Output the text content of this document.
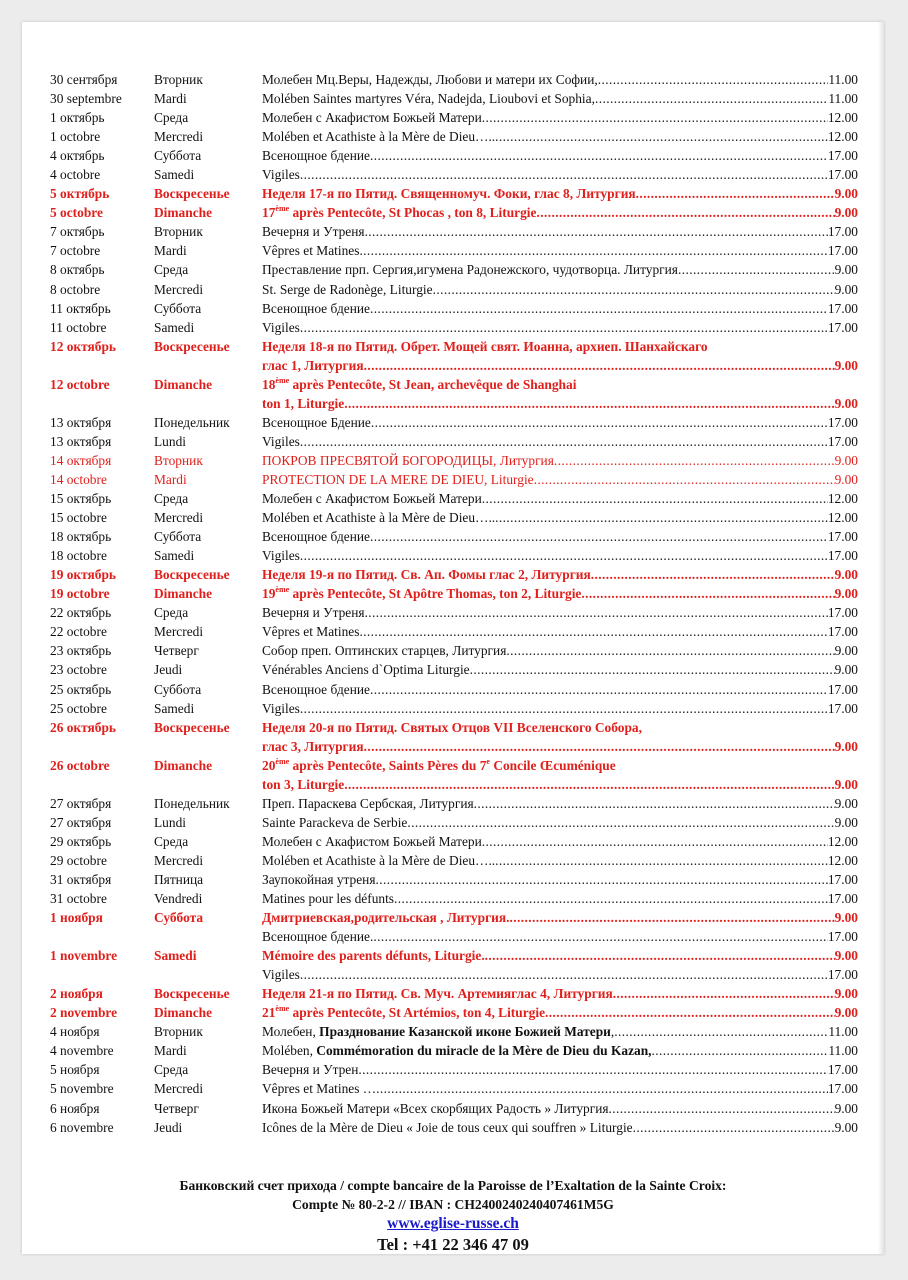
30 сентября	Вторник	Молебен Мц.Веры, Надежды, Любови и матери их Софии, .....	11.00
30 septembre	Mardi	Molében Saintes martyres Véra, Nadejda, Lioubovi et Sophia, .....	11.00
1 октябрь	Среда	Молебен с Акафистом Божьей Матери .....	12.00
1 octobre	Mercredi	Molében et Acathiste à la Mère de Dieu….. .....	12.00
4 октябрь	Суббота	Всенощное бдение .....	17.00
4 octobre	Samedi	Vigiles .....	17.00
5 октябрь	Воскресенье	Неделя 17-я по Пятид. Священномуч. Фоки, глас 8, Литургия .....	9.00
5 octobre	Dimanche	17ème après Pentecôte, St Phocas , ton 8, Liturgie .....	9.00
7 октябрь	Вторник	Вечерня и Утреня .....	17.00
7 octobre	Mardi	Vêpres et Matines .....	17.00
8 октябрь	Среда	Преставление прп. Сергия,игумена Радонежского, чудотворца. Литургия .....	9.00
8 octobre	Mercredi	St. Serge de Radonège, Liturgie .....	9.00
11 октябрь	Суббота	Всенощное бдение .....	17.00
11 octobre	Samedi	Vigiles .....	17.00
12 октябрь	Воскресенье	Неделя 18-я по Пятид. Обрет. Мощей свят. Иоанна, архиеп. Шанхайскаго
глас 1, Литургия .....	9.00
12 octobre	Dimanche	18ème après Pentecôte, St Jean, archevêque de Shanghai
ton 1, Liturgie .....	9.00
13 октября	Понедельник	Всенощное Бдение .....	17.00
13 октября	Lundi	Vigiles .....	17.00
14 октября	Вторник	ПОКРОВ ПРЕСВЯТОЙ БОГОРОДИЦЫ, Литургия .....	9.00
14 octobre	Mardi	PROTECTION DE LA MERE DE DIEU, Liturgie .....	9.00
15 октябрь	Среда	Молебен с Акафистом Божьей Матери .....	12.00
15 octobre	Mercredi	Molében et Acathiste à la Mère de Dieu….. .....	12.00
18 октябрь	Суббота	Всенощное бдение .....	17.00
18 octobre	Samedi	Vigiles .....	17.00
19 октябрь	Воскресенье	Неделя 19-я по Пятид. Св. Ап. Фомы глас 2, Литургия .....	9.00
19 octobre	Dimanche	19ème après Pentecôte, St Apôtre Thomas, ton 2, Liturgie .....	9.00
22 октябрь	Среда	Вечерня и Утреня .....	17.00
22 octobre	Mercredi	Vêpres et Matines .....	17.00
23 октябрь	Четверг	Собор преп. Оптинских старцев, Литургия .....	9.00
23 octobre	Jeudi	Vénérables Anciens d`Optima Liturgie .....	9.00
25 октябрь	Суббота	Всенощное бдение .....	17.00
25 octobre	Samedi	Vigiles .....	17.00
26 октябрь	Воскресенье	Неделя 20-я по Пятид. Святых Отцов VII Вселенского Собора,
глас 3, Литургия .....	9.00
26 octobre	Dimanche	20ème après Pentecôte, Saints Pères du 7e Concile Œcuménique
ton 3, Liturgie .....	9.00
27 октября	Понедельник	Преп. Параскева Сербская, Литургия .....	9.00
27 октября	Lundi	Sainte Parackeva de Serbie .....	9.00
29 октябрь	Среда	Молебен с Акафистом Божьей Матери .....	12.00
29 octobre	Mercredi	Molében et Acathiste à la Mère de Dieu….. .....	12.00
31 октября	Пятница	Заупокойная утреня .....	17.00
31 octobre	Vendredi	Matines pour les défunts .....	17.00
1 ноября	Суббота	Дмитриевская,родительская , Литургия. .....	9.00
Всенощное бдение. .....	17.00
1 novembre	Samedi	Mémoire des parents défunts, Liturgie. .....	9.00
Vigiles .....	17.00
2 ноября	Воскресенье	Неделя 21-я по Пятид. Св. Муч. Артемияглас 4, Литургия .....	9.00
2 novembre	Dimanche	21ème après Pentecôte, St Artémios, ton 4, Liturgie .....	9.00
4 ноября	Вторник	Молебен, Празднование Казанской иконе Божией Матери, .....	11.00
4 novembre	Mardi	Molében, Commémoration du miracle de la Mère de Dieu du Kazan, .....	11.00
5 ноября	Среда	Вечерня и Утрен .....	17.00
5 novembre	Mercredi	Vêpres et Matines … .....	17.00
6 ноября	Четверг	Икона Божьей Матери «Всех скорбящих Радость » Литургия .....	9.00
6 novembre	Jeudi	Icônes de la Mère de Dieu « Joie de tous ceux qui souffren » Liturgie .....	9.00
Банковский счет прихода / compte bancaire de la Paroisse de l’Exaltation de la Sainte Croix:
Compte № 80-2-2 // IBAN : CH2400240240407461M5G
www.eglise-russe.ch
Tel : +41 22 346 47 09
